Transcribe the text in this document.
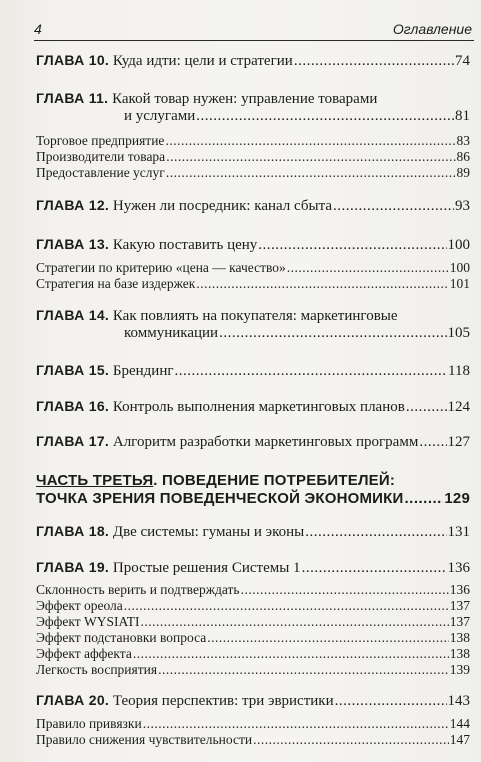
4	Оглавление
ГЛАВА 10. Куда идти: цели и стратегии .....	74
ГЛАВА 11. Какой товар нужен: управление товарами
и услугами .....	81
Торговое предприятие .....	83
Производители товара .....	86
Предоставление услуг .....	89
ГЛАВА 12. Нужен ли посредник: канал сбыта .....	93
ГЛАВА 13. Какую поставить цену .....	100
Стратегии по критерию «цена — качество» .....	100
Стратегия на базе издержек .....	101
ГЛАВА 14. Как повлиять на покупателя: маркетинговые
коммуникации .....	105
ГЛАВА 15. Брендинг .....	118
ГЛАВА 16. Контроль выполнения маркетинговых планов .....	124
ГЛАВА 17. Алгоритм разработки маркетинговых программ ..... 127
ЧАСТЬ ТРЕТЬЯ. ПОВЕДЕНИЕ ПОТРЕБИТЕЛЕЙ:
ТОЧКА ЗРЕНИЯ ПОВЕДЕНЧЕСКОЙ ЭКОНОМИКИ .....	129
ГЛАВА 18. Две системы: гуманы и эконы .....	131
ГЛАВА 19. Простые решения Системы 1 .....	136
Склонность верить и подтверждать .....	136
Эффект ореола .....	137
Эффект WYSIATI .....	137
Эффект подстановки вопроса .....	138
Эффект аффекта .....	138
Легкость восприятия .....	139
ГЛАВА 20. Теория перспектив: три эвристики .....	143
Правило привязки .....	144
Правило снижения чувствительности .....	147
